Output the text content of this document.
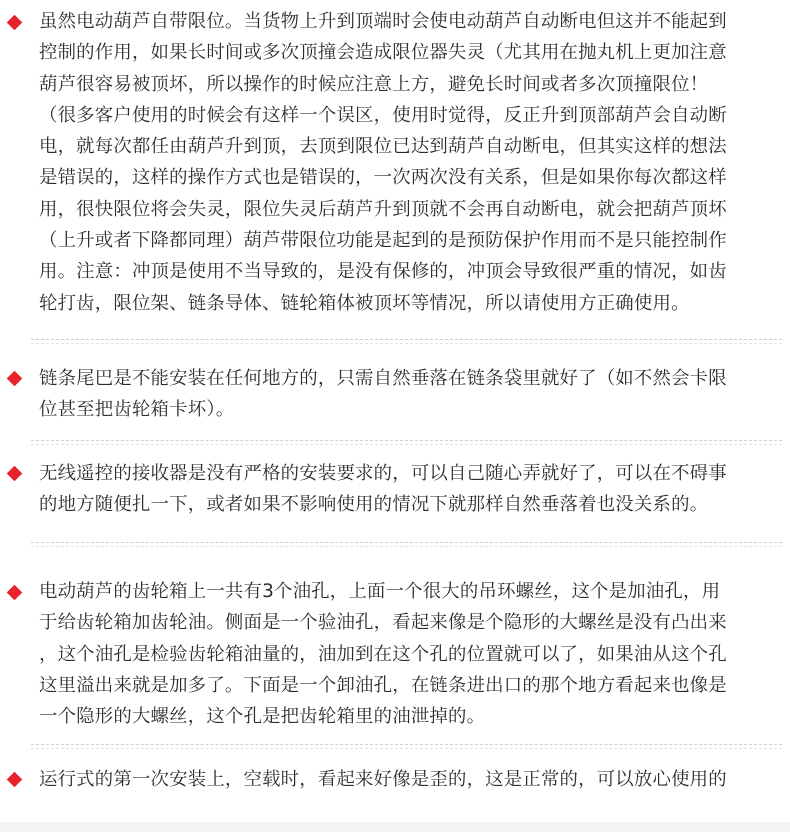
虽然电动葫芦自带限位。当货物上升到顶端时会使电动葫芦自动断电但这并不能起到
控制的作用，如果长时间或多次顶撞会造成限位器失灵（尤其用在抛丸机上更加注意
葫芦很容易被顶坏，所以操作的时候应注意上方，避免长时间或者多次顶撞限位！
（很多客户使用的时候会有这样一个误区，使用时觉得，反正升到顶部葫芦会自动断
电，就每次都任由葫芦升到顶，去顶到限位已达到葫芦自动断电，但其实这样的想法
是错误的，这样的操作方式也是错误的，一次两次没有关系，但是如果你每次都这样
用，很快限位将会失灵，限位失灵后葫芦升到顶就不会再自动断电，就会把葫芦顶坏
（上升或者下降都同理）葫芦带限位功能是起到的是预防保护作用而不是只能控制作
用。注意：冲顶是使用不当导致的，是没有保修的，冲顶会导致很严重的情况，如齿
轮打齿，限位架、链条导体、链轮箱体被顶坏等情况，所以请使用方正确使用。
链条尾巴是不能安装在任何地方的，只需自然垂落在链条袋里就好了（如不然会卡限
位甚至把齿轮箱卡坏）。
无线遥控的接收器是没有严格的安装要求的，可以自己随心弄就好了，可以在不碍事
的地方随便扎一下，或者如果不影响使用的情况下就那样自然垂落着也没关系的。
电动葫芦的齿轮箱上一共有3个油孔，上面一个很大的吊环螺丝，这个是加油孔，用
于给齿轮箱加齿轮油。侧面是一个验油孔，看起来像是个隐形的大螺丝是没有凸出来
，这个油孔是检验齿轮箱油量的，油加到在这个孔的位置就可以了，如果油从这个孔
这里溢出来就是加多了。下面是一个卸油孔，在链条进出口的那个地方看起来也像是
一个隐形的大螺丝，这个孔是把齿轮箱里的油泄掉的。
运行式的第一次安装上，空载时，看起来好像是歪的，这是正常的，可以放心使用的
